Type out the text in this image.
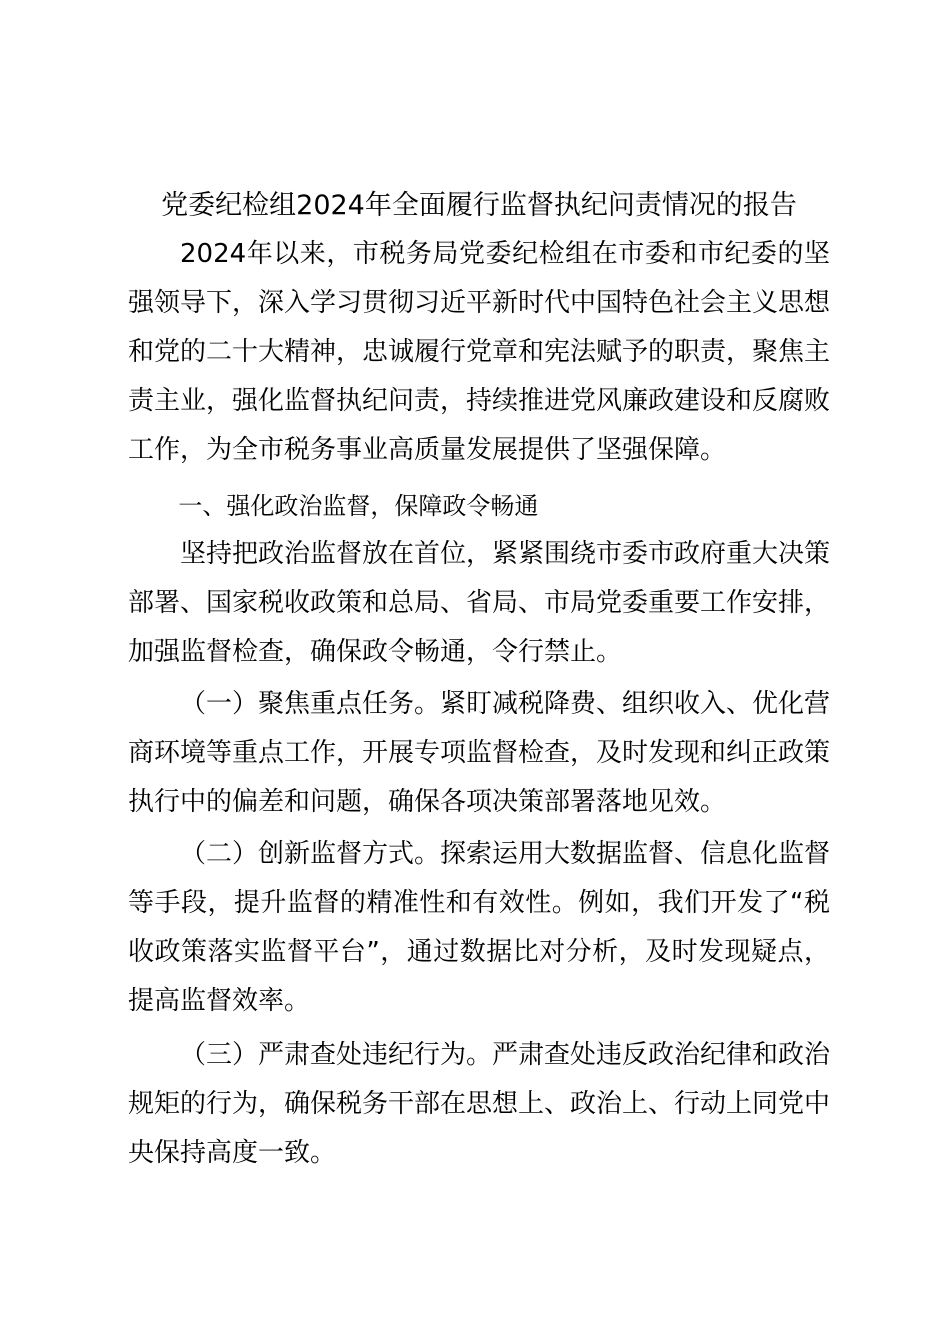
党委纪检组2024年全面履行监督执纪问责情况的报告

2024年以来，市税务局党委纪检组在市委和市纪委的坚强领导下，深入学习贯彻习近平新时代中国特色社会主义思想和党的二十大精神，忠诚履行党章和宪法赋予的职责，聚焦主责主业，强化监督执纪问责，持续推进党风廉政建设和反腐败工作，为全市税务事业高质量发展提供了坚强保障。

一、强化政治监督，保障政令畅通

坚持把政治监督放在首位，紧紧围绕市委市政府重大决策部署、国家税收政策和总局、省局、市局党委重要工作安排，加强监督检查，确保政令畅通，令行禁止。

（一）聚焦重点任务。紧盯减税降费、组织收入、优化营商环境等重点工作，开展专项监督检查，及时发现和纠正政策执行中的偏差和问题，确保各项决策部署落地见效。

（二）创新监督方式。探索运用大数据监督、信息化监督等手段，提升监督的精准性和有效性。例如，我们开发了“税收政策落实监督平台”，通过数据比对分析，及时发现疑点，提高监督效率。

（三）严肃查处违纪行为。严肃查处违反政治纪律和政治规矩的行为，确保税务干部在思想上、政治上、行动上同党中央保持高度一致。
